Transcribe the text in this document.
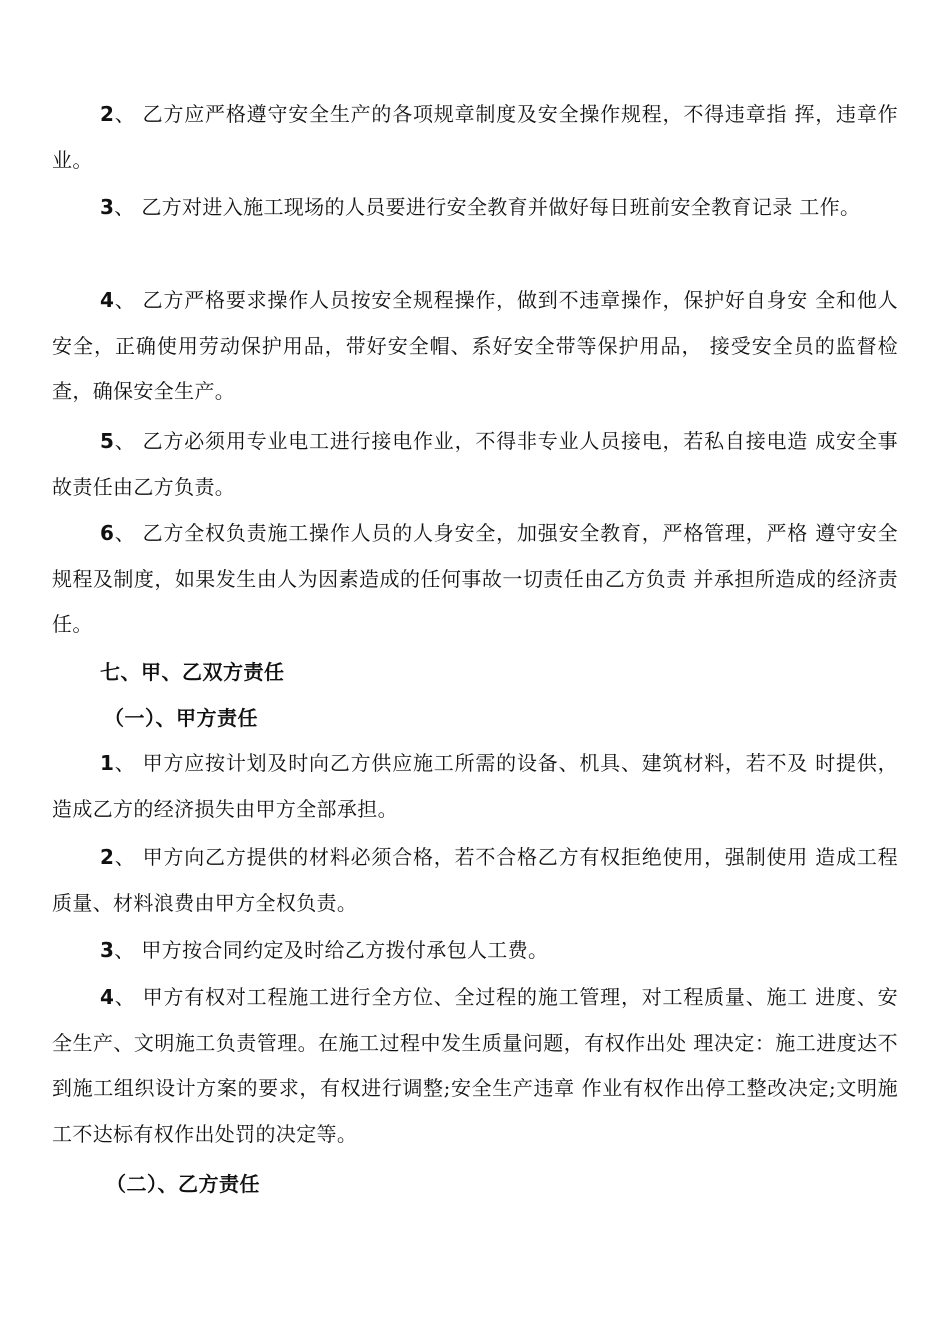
2、 乙方应严格遵守安全生产的各项规章制度及安全操作规程，不得违章指 挥，违章作业。

3、 乙方对进入施工现场的人员要进行安全教育并做好每日班前安全教育记录 工作。

4、 乙方严格要求操作人员按安全规程操作，做到不违章操作，保护好自身安 全和他人安全，正确使用劳动保护用品，带好安全帽、系好安全带等保护用品， 接受安全员的监督检查，确保安全生产。

5、 乙方必须用专业电工进行接电作业，不得非专业人员接电，若私自接电造 成安全事故责任由乙方负责。

6、 乙方全权负责施工操作人员的人身安全，加强安全教育，严格管理，严格 遵守安全规程及制度，如果发生由人为因素造成的任何事故一切责任由乙方负责 并承担所造成的经济责任。

七、甲、乙双方责任
（一）、甲方责任

1、 甲方应按计划及时向乙方供应施工所需的设备、机具、建筑材料，若不及 时提供，造成乙方的经济损失由甲方全部承担。

2、 甲方向乙方提供的材料必须合格，若不合格乙方有权拒绝使用，强制使用 造成工程质量、材料浪费由甲方全权负责。

3、 甲方按合同约定及时给乙方拨付承包人工费。

4、 甲方有权对工程施工进行全方位、全过程的施工管理，对工程质量、施工 进度、安全生产、文明施工负责管理。在施工过程中发生质量问题，有权作出处 理决定：施工进度达不到施工组织设计方案的要求，有权进行调整;安全生产违章 作业有权作出停工整改决定;文明施工不达标有权作出处罚的决定等。

（二）、乙方责任
